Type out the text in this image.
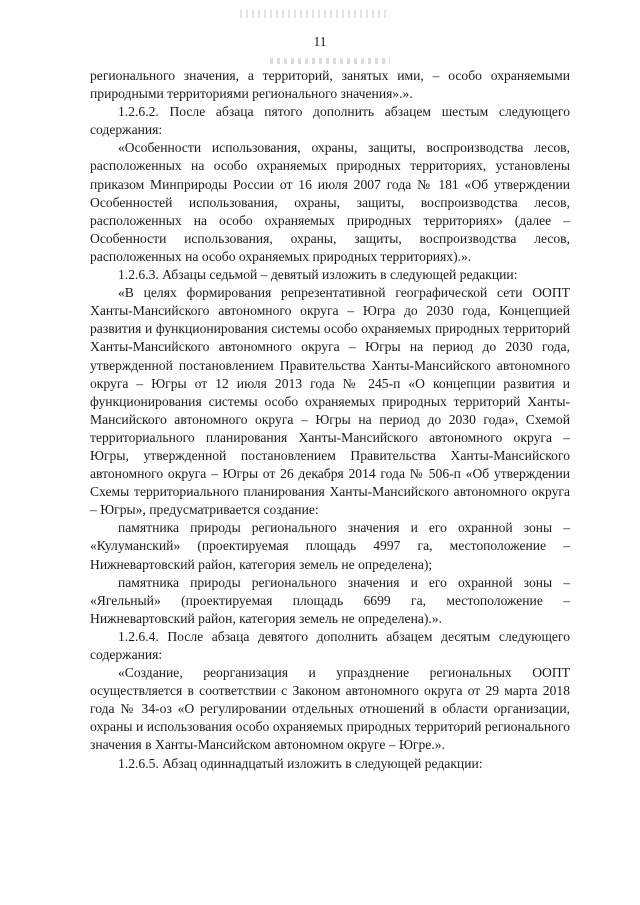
11

регионального значения, а территорий, занятых ими, – особо охраняемыми природными территориями регионального значения».».

1.2.6.2. После абзаца пятого дополнить абзацем шестым следующего содержания:

«Особенности использования, охраны, защиты, воспроизводства лесов, расположенных на особо охраняемых природных территориях, установлены приказом Минприроды России от 16 июля 2007 года № 181 «Об утверждении Особенностей использования, охраны, защиты, воспроизводства лесов, расположенных на особо охраняемых природных территориях» (далее – Особенности использования, охраны, защиты, воспроизводства лесов, расположенных на особо охраняемых природных территориях).».

1.2.6.3. Абзацы седьмой – девятый изложить в следующей редакции:

«В целях формирования репрезентативной географической сети ООПТ Ханты-Мансийского автономного округа – Югра до 2030 года, Концепцией развития и функционирования системы особо охраняемых природных территорий Ханты-Мансийского автономного округа – Югры на период до 2030 года, утвержденной постановлением Правительства Ханты-Мансийского автономного округа – Югры от 12 июля 2013 года № 245-п «О концепции развития и функционирования системы особо охраняемых природных территорий Ханты-Мансийского автономного округа – Югры на период до 2030 года», Схемой территориального планирования Ханты-Мансийского автономного округа – Югры, утвержденной постановлением Правительства Ханты-Мансийского автономного округа – Югры от 26 декабря 2014 года № 506-п «Об утверждении Схемы территориального планирования Ханты-Мансийского автономного округа – Югры», предусматривается создание:

памятника природы регионального значения и его охранной зоны – «Кулуманский» (проектируемая площадь 4997 га, местоположение – Нижневартовский район, категория земель не определена);

памятника природы регионального значения и его охранной зоны – «Ягельный» (проектируемая площадь 6699 га, местоположение – Нижневартовский район, категория земель не определена).».

1.2.6.4. После абзаца девятого дополнить абзацем десятым следующего содержания:

«Создание, реорганизация и упразднение региональных ООПТ осуществляется в соответствии с Законом автономного округа от 29 марта 2018 года № 34-оз «О регулировании отдельных отношений в области организации, охраны и использования особо охраняемых природных территорий регионального значения в Ханты-Мансийском автономном округе – Югре.».

1.2.6.5. Абзац одиннадцатый изложить в следующей редакции:
